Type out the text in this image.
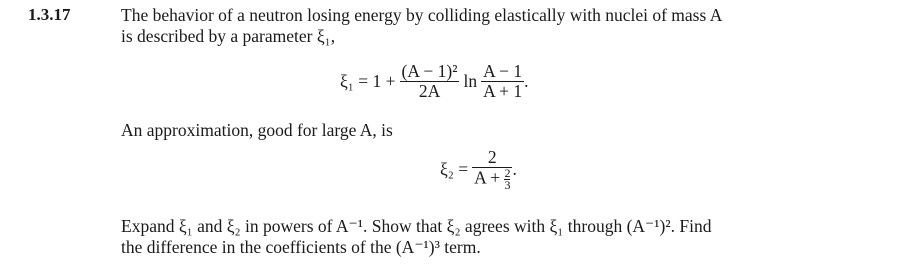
1.3.17	The behavior of a neutron losing energy by colliding elastically with nuclei of mass A
is described by a parameter ξ₁,
$\xi_1 = 1 + \frac{\text{(A − 1)²}}{2A}$ $\ln \frac{A - 1}{A + 1}$ .
An approximation, good for large A, is
$\xi_2 = \frac{2}{A + \frac{2}{3}}$ .
Expand ξ₁ and ξ₂ in powers of A⁻¹. Show that ξ₂ agrees with ξ₁ through (A⁻¹)². Find
the difference in the coefficients of the (A⁻¹)³ term.
